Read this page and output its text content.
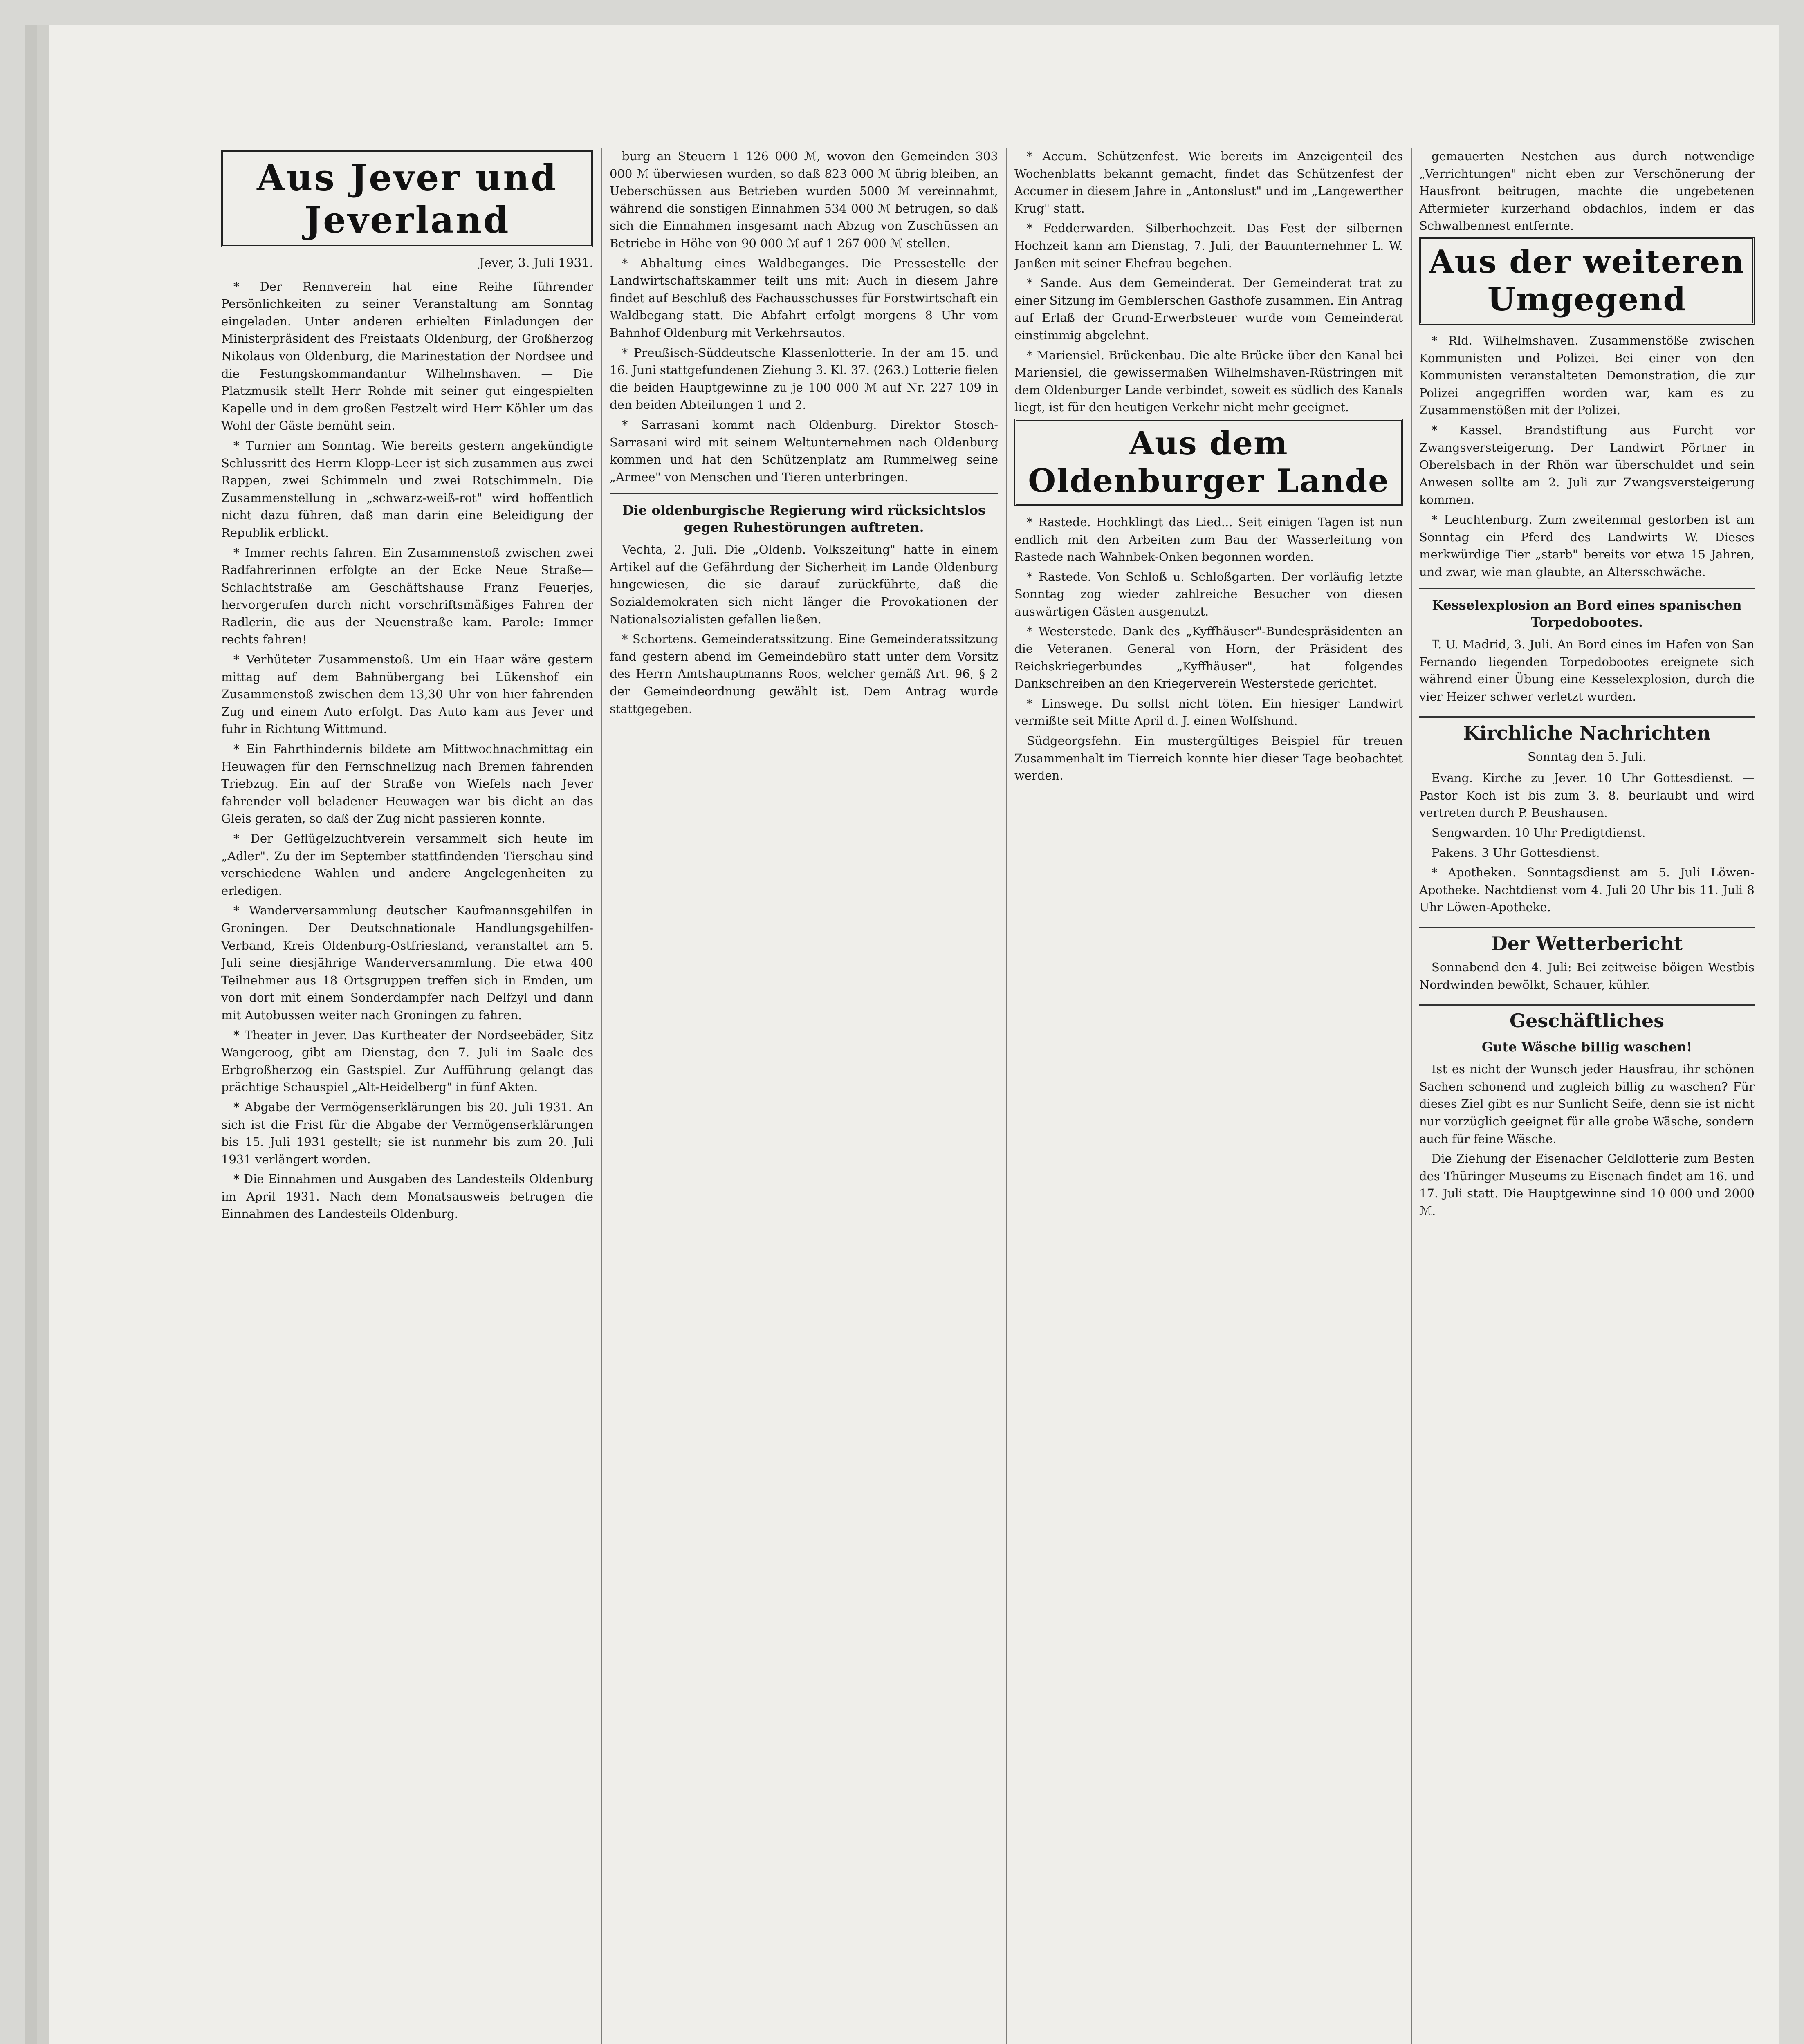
Aus Jever und Jeverland
Jever, 3. Juli 1931.

* Der Rennverein hat eine Reihe führender Persönlichkeiten zu seiner Veranstaltung am Sonntag eingeladen. Unter anderen erhielten Einladungen der Ministerpräsident des Freistaats Oldenburg, der Großherzog Nikolaus von Oldenburg, die Marinestation der Nordsee und die Festungskommandantur Wilhelmshaven. — Die Platzmusik stellt Herr Rohde mit seiner gut eingespielten Kapelle und in dem großen Festzelt wird Herr Köhler um das Wohl der Gäste bemüht sein.

* Turnier am Sonntag. Wie bereits gestern angekündigte Schlussritt des Herrn Klopp-Leer ist sich zusammen aus zwei Rappen, zwei Schimmeln und zwei Rotschimmeln. Die Zusammenstellung in „schwarz-weiß-rot" wird hoffentlich nicht dazu führen, daß man darin eine Beleidigung der Republik erblickt.

* Immer rechts fahren. Ein Zusammenstoß zwischen zwei Radfahrerinnen erfolgte an der Ecke Neue Straße—Schlachtstraße am Geschäftshause Franz Feuerjes, hervorgerufen durch nicht vorschriftsmäßiges Fahren der Radlerin, die aus der Neuenstraße kam. Parole: Immer rechts fahren!

* Verhüteter Zusammenstoß. Um ein Haar wäre gestern mittag auf dem Bahnübergang bei Lükenshof ein Zusammenstoß zwischen dem 13,30 Uhr von hier fahrenden Zug und einem Auto erfolgt. Das Auto kam aus Jever und fuhr in Richtung Wittmund.

* Ein Fahrthindernis bildete am Mittwochnachmittag ein Heuwagen für den Fernschnellzug nach Bremen fahrenden Triebzug. Ein auf der Straße von Wiefels nach Jever fahrender voll beladener Heuwagen war bis dicht an das Gleis geraten, so daß der Zug nicht passieren konnte.

* Der Geflügelzuchtverein versammelt sich heute im „Adler". Zu der im September stattfindenden Tierschau sind verschiedene Wahlen und andere Angelegenheiten zu erledigen.

* Wanderversammlung deutscher Kaufmannsgehilfen in Groningen. Der Deutschnationale Handlungsgehilfen-Verband, Kreis Oldenburg-Ostfriesland, veranstaltet am 5. Juli seine diesjährige Wanderversammlung. Die etwa 400 Teilnehmer aus 18 Ortsgruppen treffen sich in Emden, um von dort mit einem Sonderdampfer nach Delfzyl und dann mit Autobussen weiter nach Groningen zu fahren.

* Theater in Jever. Das Kurtheater der Nordseebäder, Sitz Wangeroog, gibt am Dienstag, den 7. Juli im Saale des Erbgroßherzog ein Gastspiel. Zur Aufführung gelangt das prächtige Schauspiel „Alt-Heidelberg" in fünf Akten.

* Abgabe der Vermögenserklärungen bis 20. Juli 1931. An sich ist die Frist für die Abgabe der Vermögenserklärungen bis 15. Juli 1931 gestellt; sie ist nunmehr bis zum 20. Juli 1931 verlängert worden.

* Die Einnahmen und Ausgaben des Landesteils Oldenburg im April 1931. Nach dem Monatsausweis betrugen die Einnahmen des Landesteils Oldenburg.

burg an Steuern 1 126 000 ℳ, wovon den Gemeinden 303 000 ℳ überwiesen wurden, so daß 823 000 ℳ übrig bleiben, an Ueberschüssen aus Betrieben wurden 5000 ℳ vereinnahmt, während die sonstigen Einnahmen 534 000 ℳ betrugen, so daß sich die Einnahmen insgesamt nach Abzug von Zuschüssen an Betriebe in Höhe von 90 000 ℳ auf 1 267 000 ℳ stellen.

* Abhaltung eines Waldbeganges. Die Pressestelle der Landwirtschaftskammer teilt uns mit: Auch in diesem Jahre findet auf Beschluß des Fachausschusses für Forstwirtschaft ein Waldbegang statt. Die Abfahrt erfolgt morgens 8 Uhr vom Bahnhof Oldenburg mit Verkehrsautos.

* Preußisch-Süddeutsche Klassenlotterie. In der am 15. und 16. Juni stattgefundenen Ziehung 3. Kl. 37. (263.) Lotterie fielen die beiden Hauptgewinne zu je 100 000 ℳ auf Nr. 227 109 in den beiden Abteilungen 1 und 2.

* Sarrasani kommt nach Oldenburg. Direktor Stosch-Sarrasani wird mit seinem Weltunternehmen nach Oldenburg kommen und hat den Schützenplatz am Rummelweg seine „Armee" von Menschen und Tieren unterbringen.

Die oldenburgische Regierung wird rücksichtslos gegen Ruhestörungen auftreten.

Vechta, 2. Juli. Die „Oldenb. Volkszeitung" hatte in einem Artikel auf die Gefährdung der Sicherheit im Lande Oldenburg hingewiesen, die sie darauf zurückführte, daß die Sozialdemokraten sich nicht länger die Provokationen der Nationalsozialisten gefallen ließen.

* Schortens. Gemeinderatssitzung. Eine Gemeinderatssitzung fand gestern abend im Gemeindebüro statt unter dem Vorsitz des Herrn Amtshauptmanns Roos, welcher gemäß Art. 96, § 2 der Gemeindeordnung gewählt ist. Dem Antrag wurde stattgegeben.

* Accum. Schützenfest. Wie bereits im Anzeigenteil des Wochenblatts bekannt gemacht, findet das Schützenfest der Accumer in diesem Jahre in „Antonslust" und im „Langewerther Krug" statt.

* Fedderwarden. Silberhochzeit. Das Fest der silbernen Hochzeit kann am Dienstag, 7. Juli, der Bauunternehmer L. W. Janßen mit seiner Ehefrau begehen.

* Sande. Aus dem Gemeinderat. Der Gemeinderat trat zu einer Sitzung im Gemblerschen Gasthofe zusammen. Ein Antrag auf Erlaß der Grund-Erwerbsteuer wurde vom Gemeinderat einstimmig abgelehnt.

* Mariensiel. Brückenbau. Die alte Brücke über den Kanal bei Mariensiel, die gewissermaßen Wilhelmshaven-Rüstringen mit dem Oldenburger Lande verbindet, soweit es südlich des Kanals liegt, ist für den heutigen Verkehr nicht mehr geeignet.

Aus dem Oldenburger Lande

* Rastede. Hochklingt das Lied... Seit einigen Tagen ist nun endlich mit den Arbeiten zum Bau der Wasserleitung von Rastede nach Wahnbek-Onken begonnen worden.

* Rastede. Von Schloß u. Schloßgarten. Der vorläufig letzte Sonntag zog wieder zahlreiche Besucher von diesen auswärtigen Gästen ausgenutzt.

* Westerstede. Dank des „Kyffhäuser"-Bundespräsidenten an die Veteranen. General von Horn, der Präsident des Reichskriegerbundes „Kyffhäuser", hat folgendes Dankschreiben an den Kriegerverein Westerstede gerichtet.

* Linswege. Du sollst nicht töten. Ein hiesiger Landwirt vermißte seit Mitte April d. J. einen Wolfshund.

Südgeorgsfehn. Ein mustergültiges Beispiel für treuen Zusammenhalt im Tierreich konnte hier dieser Tage beobachtet werden.

gemauerten Nestchen aus durch notwendige „Verrichtungen" nicht eben zur Verschönerung der Hausfront beitrugen, machte die ungebetenen Aftermieter kurzerhand obdachlos, indem er das Schwalbennest entfernte.

Aus der weiteren Umgegend

* Rld. Wilhelmshaven. Zusammenstöße zwischen Kommunisten und Polizei. Bei einer von den Kommunisten veranstalteten Demonstration, die zur Polizei angegriffen worden war, kam es zu Zusammenstößen mit der Polizei.

* Kassel. Brandstiftung aus Furcht vor Zwangsversteigerung. Der Landwirt Pörtner in Oberelsbach in der Rhön war überschuldet und sein Anwesen sollte am 2. Juli zur Zwangsversteigerung kommen.

* Leuchtenburg. Zum zweitenmal gestorben ist am Sonntag ein Pferd des Landwirts W. Dieses merkwürdige Tier „starb" bereits vor etwa 15 Jahren, und zwar, wie man glaubte, an Altersschwäche.

Kesselexplosion an Bord eines spanischen Torpedobootes.

T. U. Madrid, 3. Juli. An Bord eines im Hafen von San Fernando liegenden Torpedobootes ereignete sich während einer Übung eine Kesselexplosion, durch die vier Heizer schwer verletzt wurden.

Kirchliche Nachrichten
Sonntag den 5. Juli.

Evang. Kirche zu Jever. 10 Uhr Gottesdienst. — Pastor Koch ist bis zum 3. 8. beurlaubt und wird vertreten durch P. Beushausen.

Sengwarden. 10 Uhr Predigtdienst.

Pakens. 3 Uhr Gottesdienst.

* Apotheken. Sonntagsdienst am 5. Juli Löwen-Apotheke. Nachtdienst vom 4. Juli 20 Uhr bis 11. Juli 8 Uhr Löwen-Apotheke.

Der Wetterbericht

Sonnabend den 4. Juli: Bei zeitweise böigen Westbis Nordwinden bewölkt, Schauer, kühler.

Geschäftliches
Gute Wäsche billig waschen!

Ist es nicht der Wunsch jeder Hausfrau, ihr schönen Sachen schonend und zugleich billig zu waschen? Für dieses Ziel gibt es nur Sunlicht Seife, denn sie ist nicht nur vorzüglich geeignet für alle grobe Wäsche, sondern auch für feine Wäsche.

Die Ziehung der Eisenacher Geldlotterie zum Besten des Thüringer Museums zu Eisenach findet am 16. und 17. Juli statt. Die Hauptgewinne sind 10 000 und 2000 ℳ.
